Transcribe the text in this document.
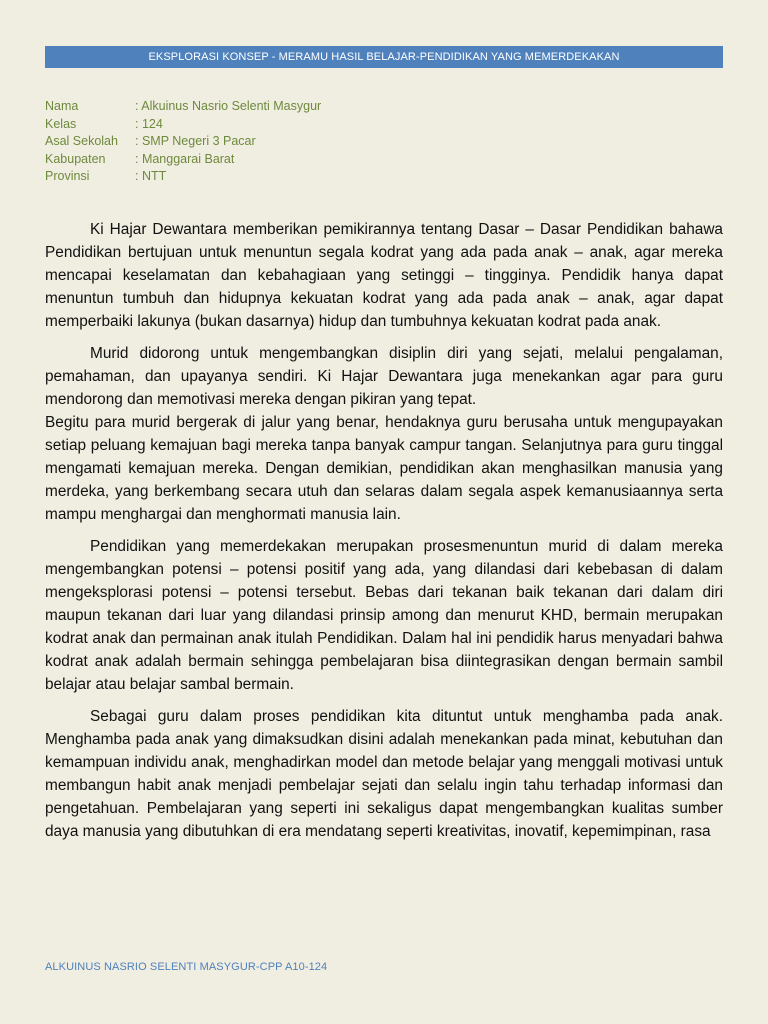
EKSPLORASI KONSEP - MERAMU HASIL BELAJAR-PENDIDIKAN YANG MEMERDEKAKAN
Nama	: Alkuinus Nasrio Selenti Masygur
Kelas	: 124
Asal Sekolah	: SMP Negeri 3 Pacar
Kabupaten	: Manggarai Barat
Provinsi	: NTT

Ki Hajar Dewantara memberikan pemikirannya tentang Dasar – Dasar Pendidikan bahawa Pendidikan bertujuan untuk menuntun segala kodrat yang ada pada anak – anak, agar mereka mencapai keselamatan dan kebahagiaan yang setinggi – tingginya. Pendidik hanya dapat menuntun tumbuh dan hidupnya kekuatan kodrat yang ada pada anak – anak, agar dapat memperbaiki lakunya (bukan dasarnya) hidup dan tumbuhnya kekuatan kodrat pada anak.

Murid didorong untuk mengembangkan disiplin diri yang sejati, melalui pengalaman, pemahaman, dan upayanya sendiri. Ki Hajar Dewantara juga menekankan agar para guru mendorong dan memotivasi mereka dengan pikiran yang tepat.

Begitu para murid bergerak di jalur yang benar, hendaknya guru berusaha untuk mengupayakan setiap peluang kemajuan bagi mereka tanpa banyak campur tangan. Selanjutnya para guru tinggal mengamati kemajuan mereka. Dengan demikian, pendidikan akan menghasilkan manusia yang merdeka, yang berkembang secara utuh dan selaras dalam segala aspek kemanusiaannya serta mampu menghargai dan menghormati manusia lain.

Pendidikan yang memerdekakan merupakan prosesmenuntun murid di dalam mereka mengembangkan potensi – potensi positif yang ada, yang dilandasi dari kebebasan di dalam mengeksplorasi potensi – potensi tersebut. Bebas dari tekanan baik tekanan dari dalam diri maupun tekanan dari luar yang dilandasi prinsip among dan menurut KHD, bermain merupakan kodrat anak dan permainan anak itulah Pendidikan. Dalam hal ini pendidik harus menyadari bahwa kodrat anak adalah bermain sehingga pembelajaran bisa diintegrasikan dengan bermain sambil belajar atau belajar sambal bermain.

Sebagai guru dalam proses pendidikan kita dituntut untuk menghamba pada anak. Menghamba pada anak yang dimaksudkan disini adalah menekankan pada minat, kebutuhan dan kemampuan individu anak, menghadirkan model dan metode belajar yang menggali motivasi untuk membangun habit anak menjadi pembelajar sejati dan selalu ingin tahu terhadap informasi dan pengetahuan. Pembelajaran yang seperti ini sekaligus dapat mengembangkan kualitas sumber daya manusia yang dibutuhkan di era mendatang seperti kreativitas, inovatif, kepemimpinan, rasa

ALKUINUS NASRIO SELENTI MASYGUR-CPP A10-124
